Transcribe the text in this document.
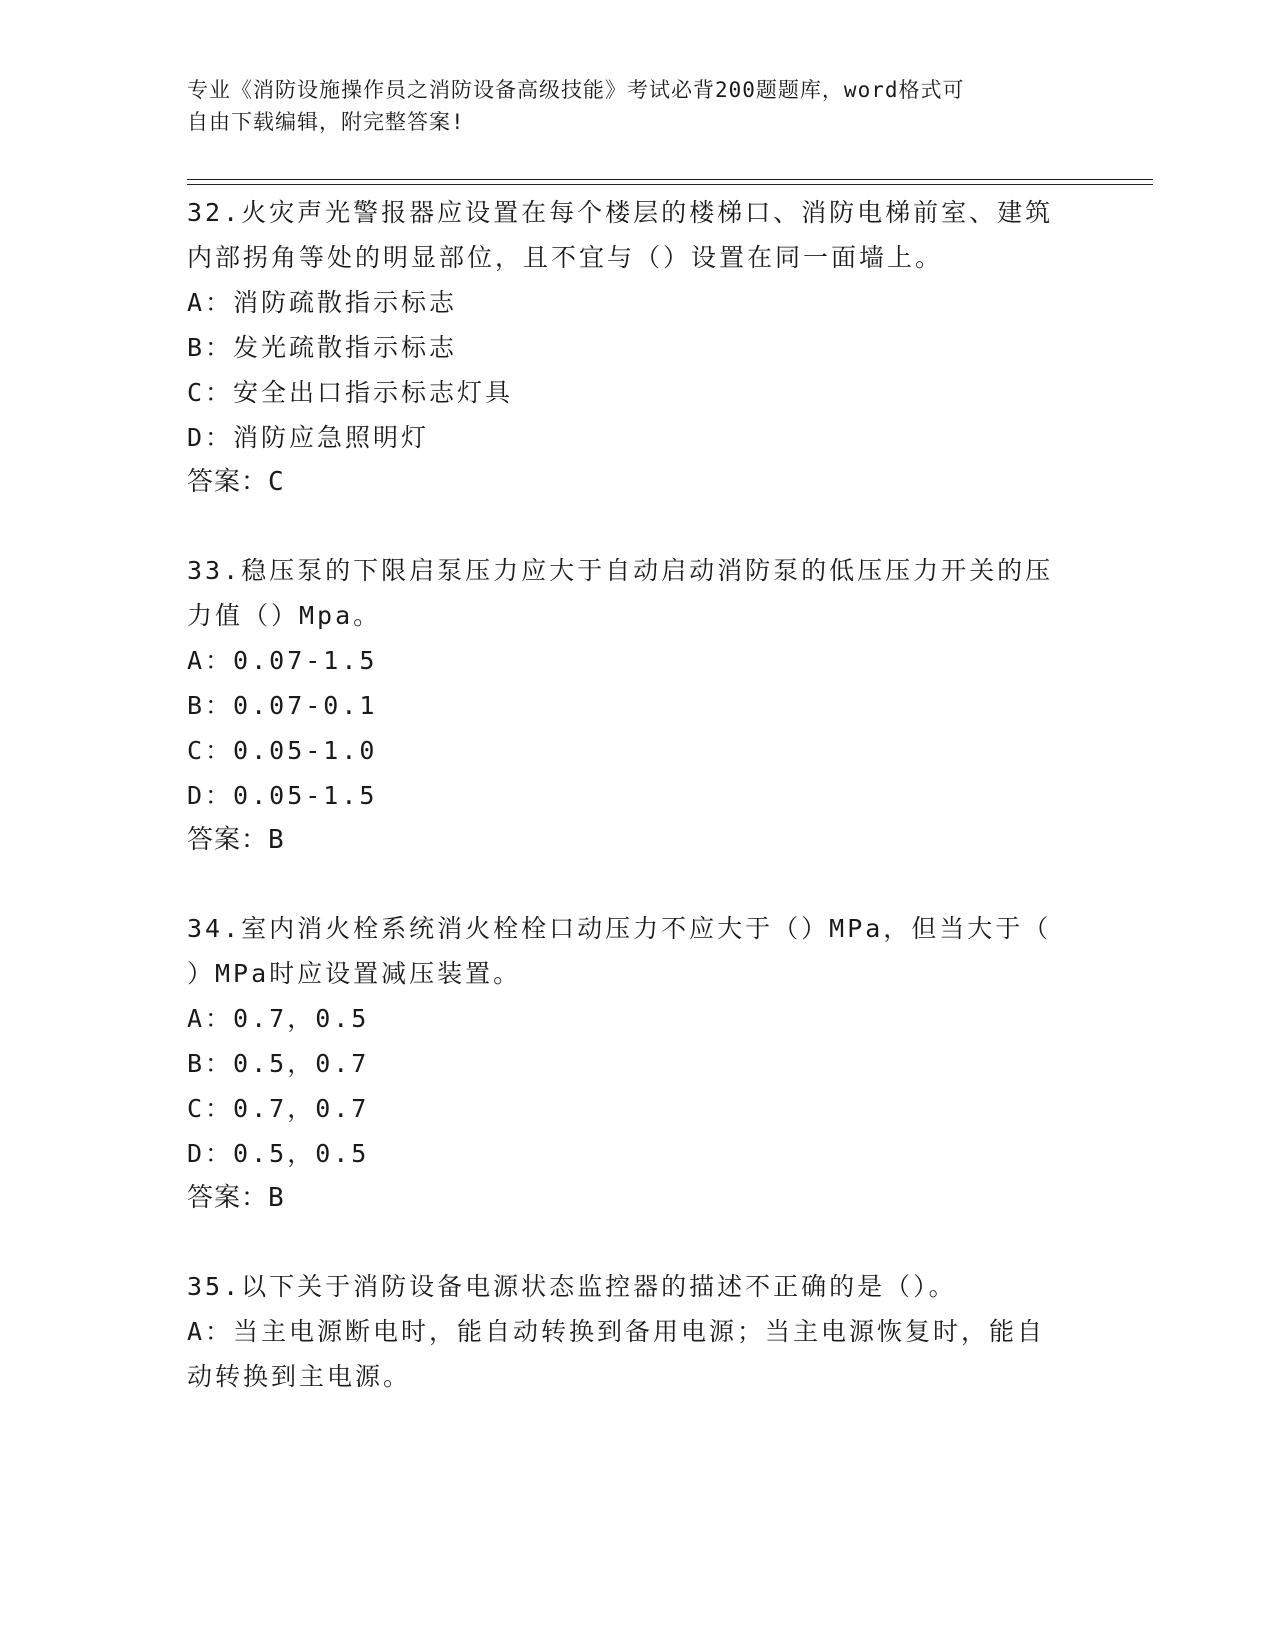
专业《消防设施操作员之消防设备高级技能》考试必背200题题库，word格式可
自由下载编辑，附完整答案!

32.火灾声光警报器应设置在每个楼层的楼梯口、消防电梯前室、建筑

内部拐角等处的明显部位，且不宜与（）设置在同一面墙上。

A：消防疏散指示标志

B：发光疏散指示标志

C：安全出口指示标志灯具

D：消防应急照明灯

答案：C

33.稳压泵的下限启泵压力应大于自动启动消防泵的低压压力开关的压

力值（）Mpa。

A：0.07-1.5

B：0.07-0.1

C：0.05-1.0

D：0.05-1.5

答案：B

34.室内消火栓系统消火栓栓口动压力不应大于（）MPa，但当大于（

）MPa时应设置减压装置。

A：0.7，0.5

B：0.5，0.7

C：0.7，0.7

D：0.5，0.5

答案：B

35.以下关于消防设备电源状态监控器的描述不正确的是（）。

A：当主电源断电时，能自动转换到备用电源；当主电源恢复时，能自

动转换到主电源。
